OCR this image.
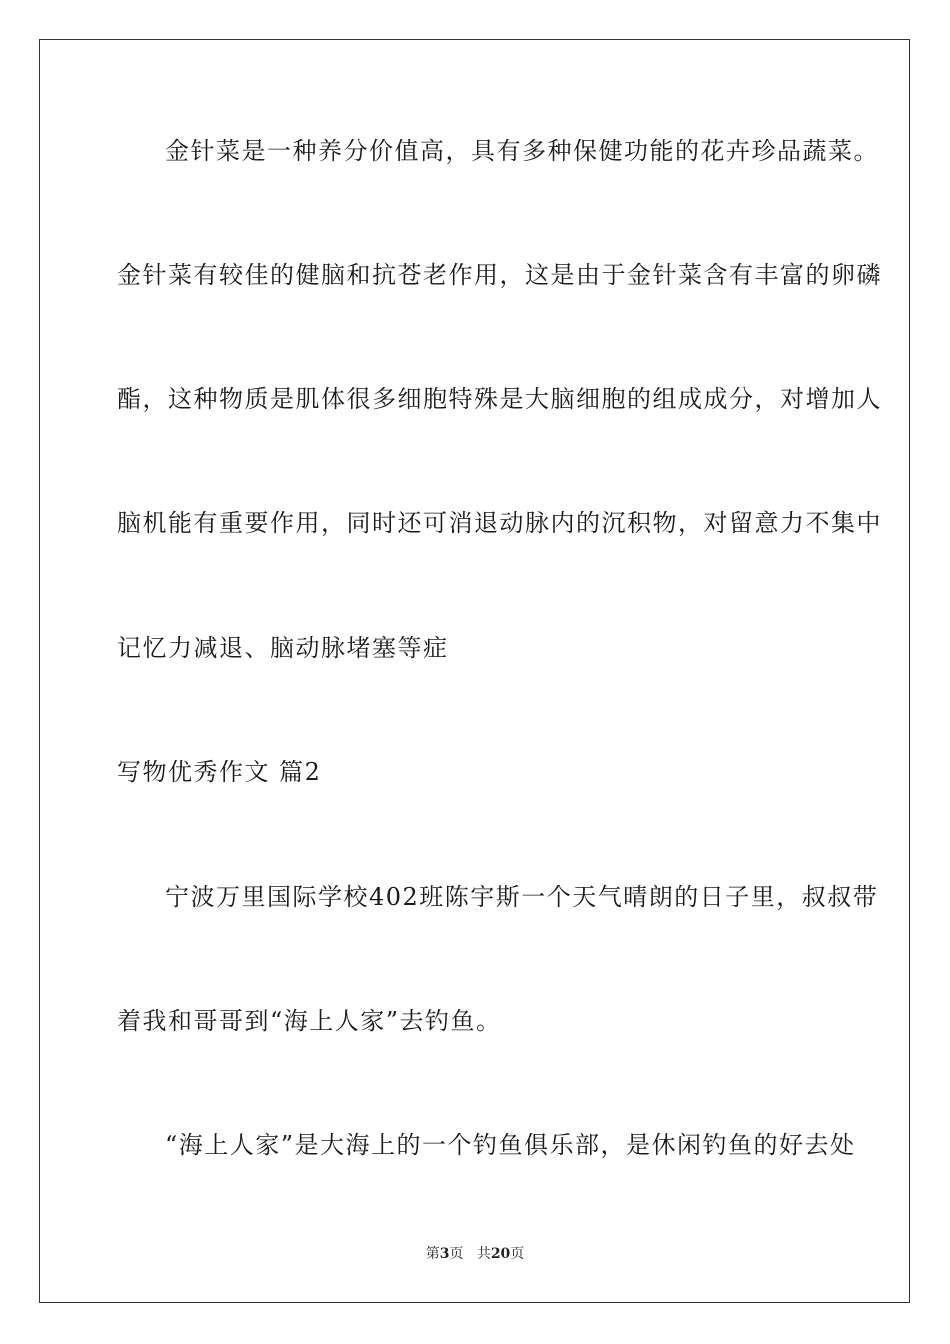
金针菜是一种养分价值高，具有多种保健功能的花卉珍品蔬菜。
金针菜有较佳的健脑和抗苍老作用，这是由于金针菜含有丰富的卵磷
酯，这种物质是肌体很多细胞特殊是大脑细胞的组成成分，对增加人
脑机能有重要作用，同时还可消退动脉内的沉积物，对留意力不集中
记忆力减退、脑动脉堵塞等症
写物优秀作文 篇2
宁波万里国际学校402班陈宇斯一个天气晴朗的日子里，叔叔带
着我和哥哥到“海上人家”去钓鱼。
“海上人家”是大海上的一个钓鱼俱乐部，是休闲钓鱼的好去处
第3页 共20页
